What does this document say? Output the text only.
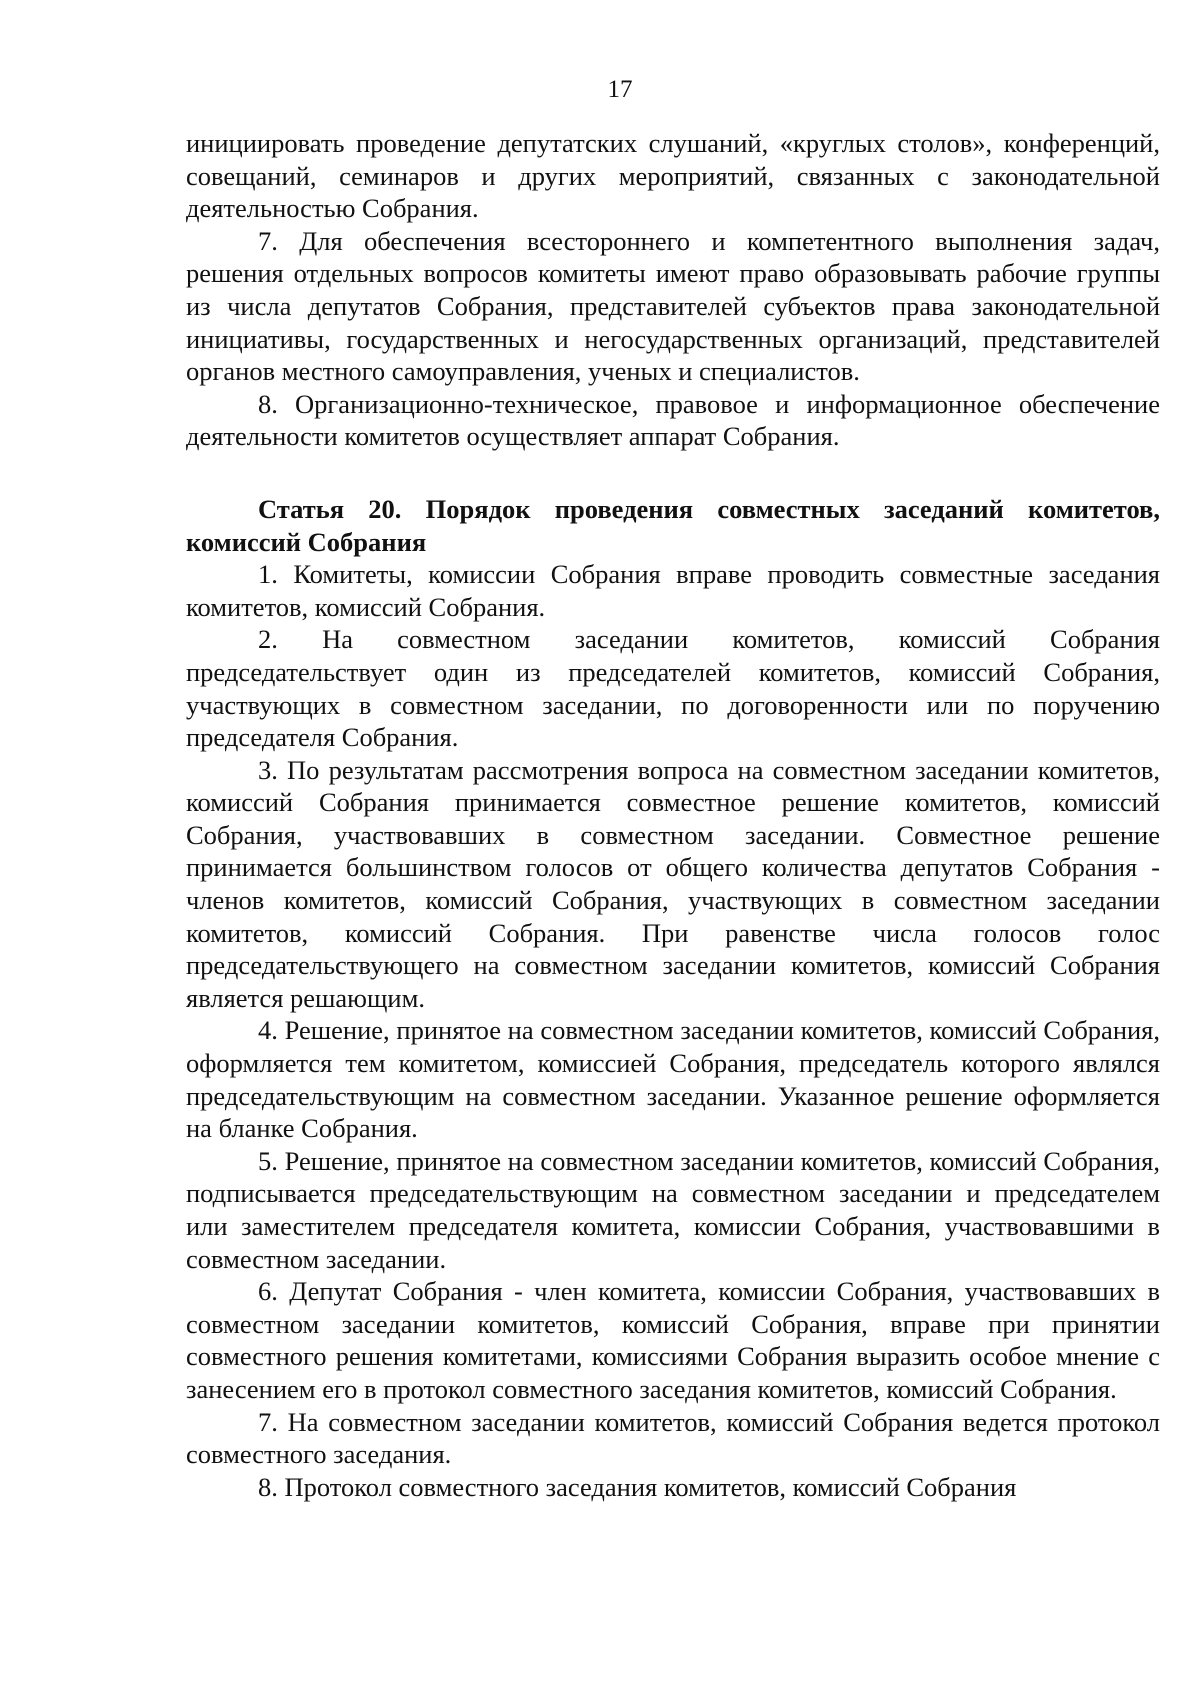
17

инициировать проведение депутатских слушаний, «круглых столов», конференций, совещаний, семинаров и других мероприятий, связанных с законодательной деятельностью Собрания.

7. Для обеспечения всестороннего и компетентного выполнения задач, решения отдельных вопросов комитеты имеют право образовывать рабочие группы из числа депутатов Собрания, представителей субъектов права законодательной инициативы, государственных и негосударственных организаций, представителей органов местного самоуправления, ученых и специалистов.

8. Организационно-техническое, правовое и информационное обеспечение деятельности комитетов осуществляет аппарат Собрания.

Статья 20. Порядок проведения совместных заседаний комитетов, комиссий Собрания

1. Комитеты, комиссии Собрания вправе проводить совместные заседания комитетов, комиссий Собрания.

2. На совместном заседании комитетов, комиссий Собрания председательствует один из председателей комитетов, комиссий Собрания, участвующих в совместном заседании, по договоренности или по поручению председателя Собрания.

3. По результатам рассмотрения вопроса на совместном заседании комитетов, комиссий Собрания принимается совместное решение комитетов, комиссий Собрания, участвовавших в совместном заседании. Совместное решение принимается большинством голосов от общего количества депутатов Собрания - членов комитетов, комиссий Собрания, участвующих в совместном заседании комитетов, комиссий Собрания. При равенстве числа голосов голос председательствующего на совместном заседании комитетов, комиссий Собрания является решающим.

4. Решение, принятое на совместном заседании комитетов, комиссий Собрания, оформляется тем комитетом, комиссией Собрания, председатель которого являлся председательствующим на совместном заседании. Указанное решение оформляется на бланке Собрания.

5. Решение, принятое на совместном заседании комитетов, комиссий Собрания, подписывается председательствующим на совместном заседании и председателем или заместителем председателя комитета, комиссии Собрания, участвовавшими в совместном заседании.

6. Депутат Собрания - член комитета, комиссии Собрания, участвовавших в совместном заседании комитетов, комиссий Собрания, вправе при принятии совместного решения комитетами, комиссиями Собрания выразить особое мнение с занесением его в протокол совместного заседания комитетов, комиссий Собрания.

7. На совместном заседании комитетов, комиссий Собрания ведется протокол совместного заседания.

8. Протокол совместного заседания комитетов, комиссий Собрания
